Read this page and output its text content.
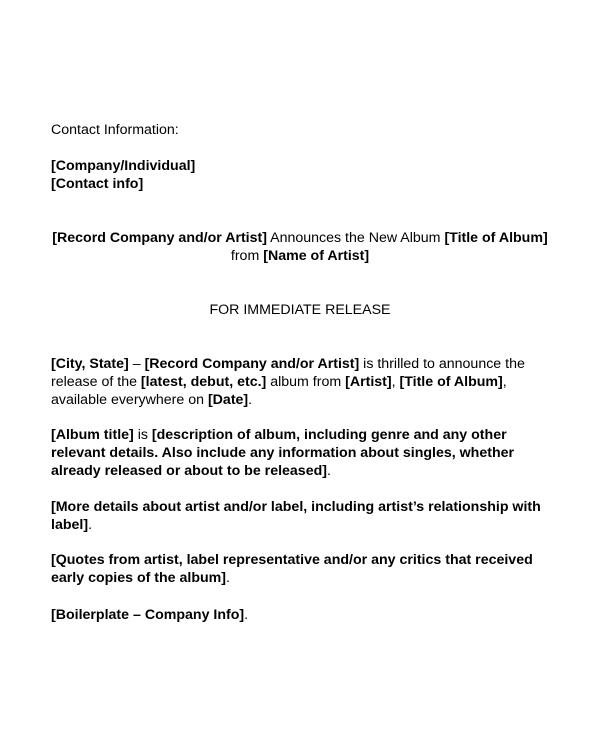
Contact Information:
[Company/Individual]
[Contact info]
[Record Company and/or Artist] Announces the New Album [Title of Album]
from [Name of Artist]
FOR IMMEDIATE RELEASE
[City, State] – [Record Company and/or Artist] is thrilled to announce the release of the [latest, debut, etc.] album from [Artist], [Title of Album], available everywhere on [Date].
[Album title] is [description of album, including genre and any other relevant details. Also include any information about singles, whether already released or about to be released].
[More details about artist and/or label, including artist’s relationship with label].
[Quotes from artist, label representative and/or any critics that received early copies of the album].
[Boilerplate – Company Info].
